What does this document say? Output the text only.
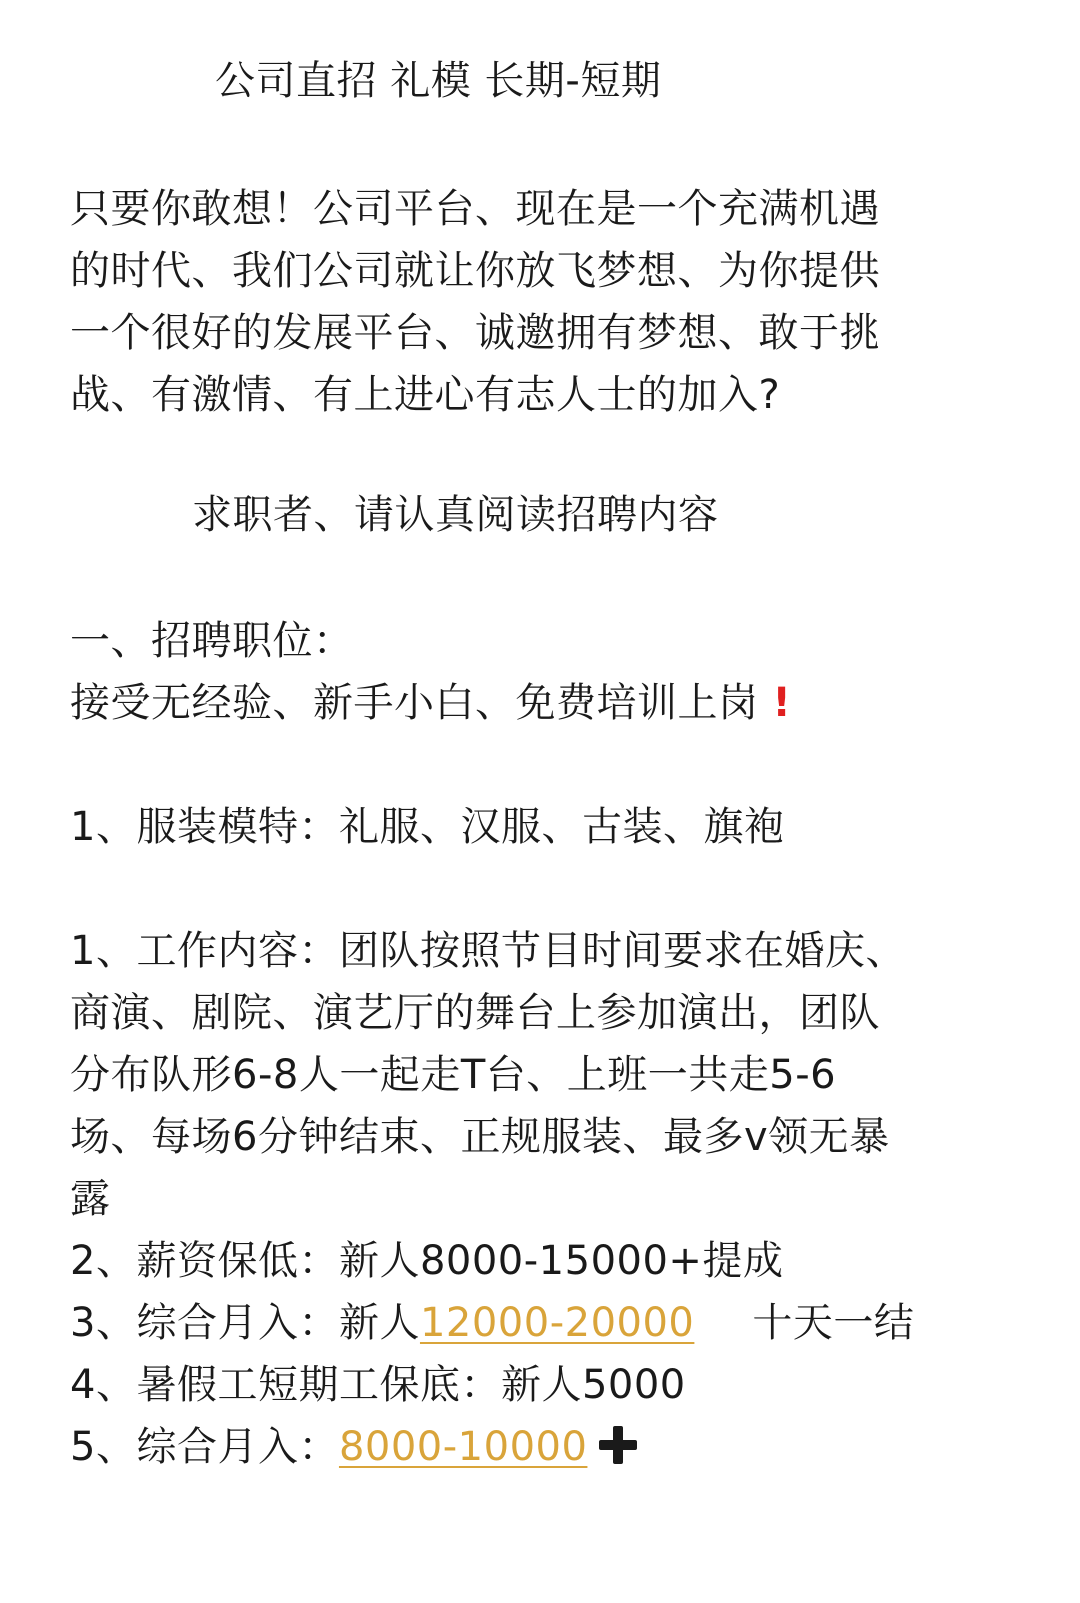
公司直招 礼模 长期-短期
只要你敢想！公司平台、现在是一个充满机遇
的时代、我们公司就让你放飞梦想、为你提供
一个很好的发展平台、诚邀拥有梦想、敢于挑
战、有激情、有上进心有志人士的加入?
求职者、请认真阅读招聘内容
一、招聘职位：
接受无经验、新手小白、免费培训上岗 !
1、服装模特：礼服、汉服、古装、旗袍
1、工作内容：团队按照节目时间要求在婚庆、
商演、剧院、演艺厅的舞台上参加演出，团队
分布队形6-8人一起走T台、上班一共走5-6
场、每场6分钟结束、正规服装、最多v领无暴
露
2、薪资保低：新人8000-15000+提成
3、综合月入：新人12000-20000 十天一结
4、暑假工短期工保底：新人5000
5、综合月入：8000-10000
